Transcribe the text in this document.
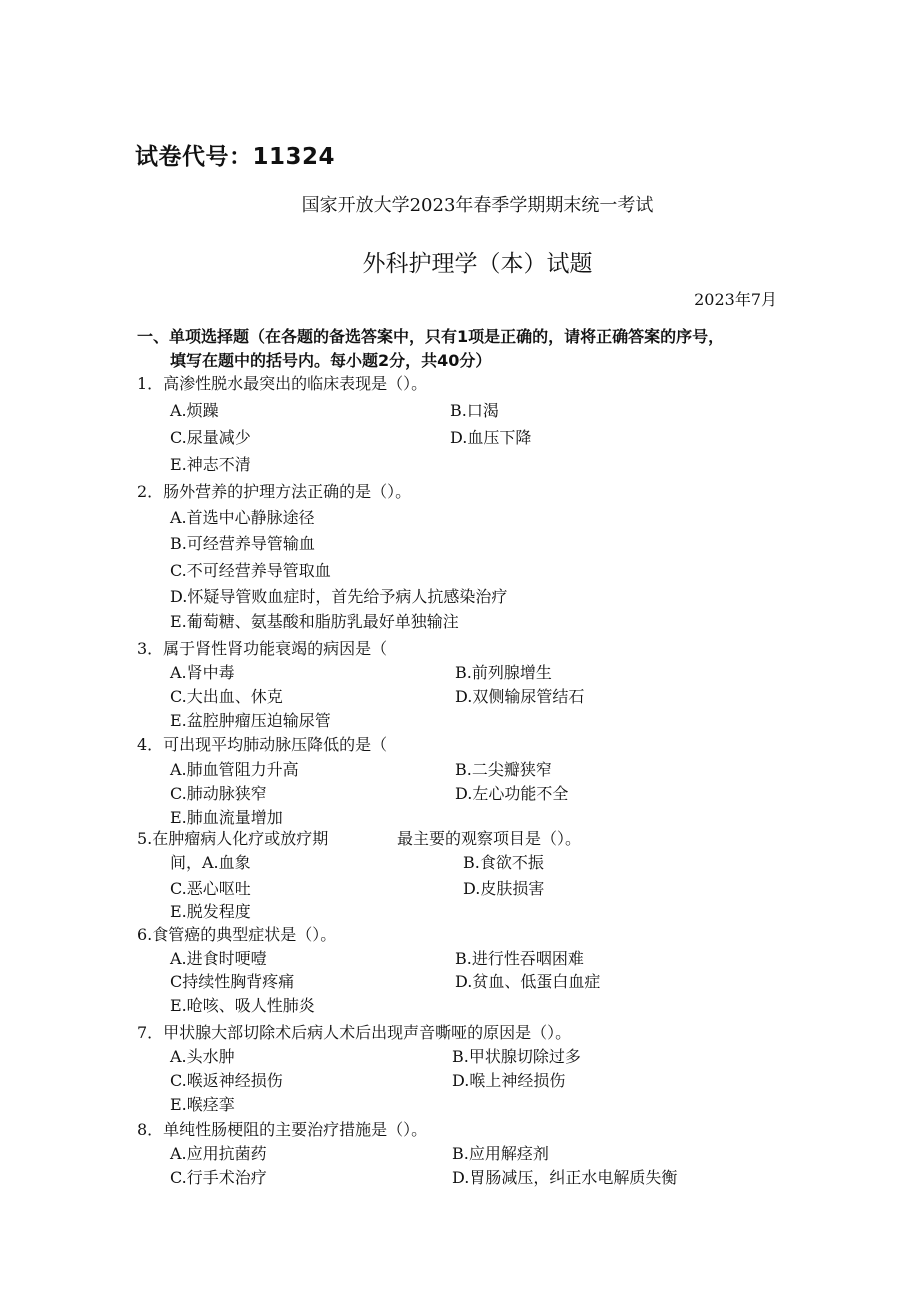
试卷代号：11324
国家开放大学2023年春季学期期末统一考试
外科护理学（本）试题
2023年7月
一、单项选择题（在各题的备选答案中，只有1项是正确的，请将正确答案的序号，
填写在题中的括号内。每小题2分，共40分）
1．高渗性脱水最突出的临床表现是（）。
A.烦躁	B.口渴
C.尿量减少	D.血压下降
E.神志不清
2．肠外营养的护理方法正确的是（）。
A.首选中心静脉途径
B.可经营养导管输血
C.不可经营养导管取血
D.怀疑导管败血症时，首先给予病人抗感染治疗
E.葡萄糖、氨基酸和脂肪乳最好单独输注
3．属于肾性肾功能衰竭的病因是（
A.肾中毒	B.前列腺增生
C.大出血、休克	D.双侧输尿管结石
E.盆腔肿瘤压迫输尿管
4．可出现平均肺动脉压降低的是（
A.肺血管阻力升高	B.二尖瓣狭窄
C.肺动脉狭窄	D.左心功能不全
E.肺血流量增加
5.在肿瘤病人化疗或放疗期	最主要的观察项目是（）。
间，A.血象	B.食欲不振
C.恶心呕吐	D.皮肤损害
E.脱发程度
6.食管癌的典型症状是（）。
A.进食时哽噎	B.进行性吞咽困难
C持续性胸背疼痛	D.贫血、低蛋白血症
E.呛咳、吸人性肺炎
7．甲状腺大部切除术后病人术后出现声音嘶哑的原因是（）。
A.头水肿	B.甲状腺切除过多
C.喉返神经损伤	D.喉上神经损伤
E.喉痉挛
8．单纯性肠梗阻的主要治疗措施是（）。
A.应用抗菌药	B.应用解痉剂
C.行手术治疗	D.胃肠减压，纠正水电解质失衡
